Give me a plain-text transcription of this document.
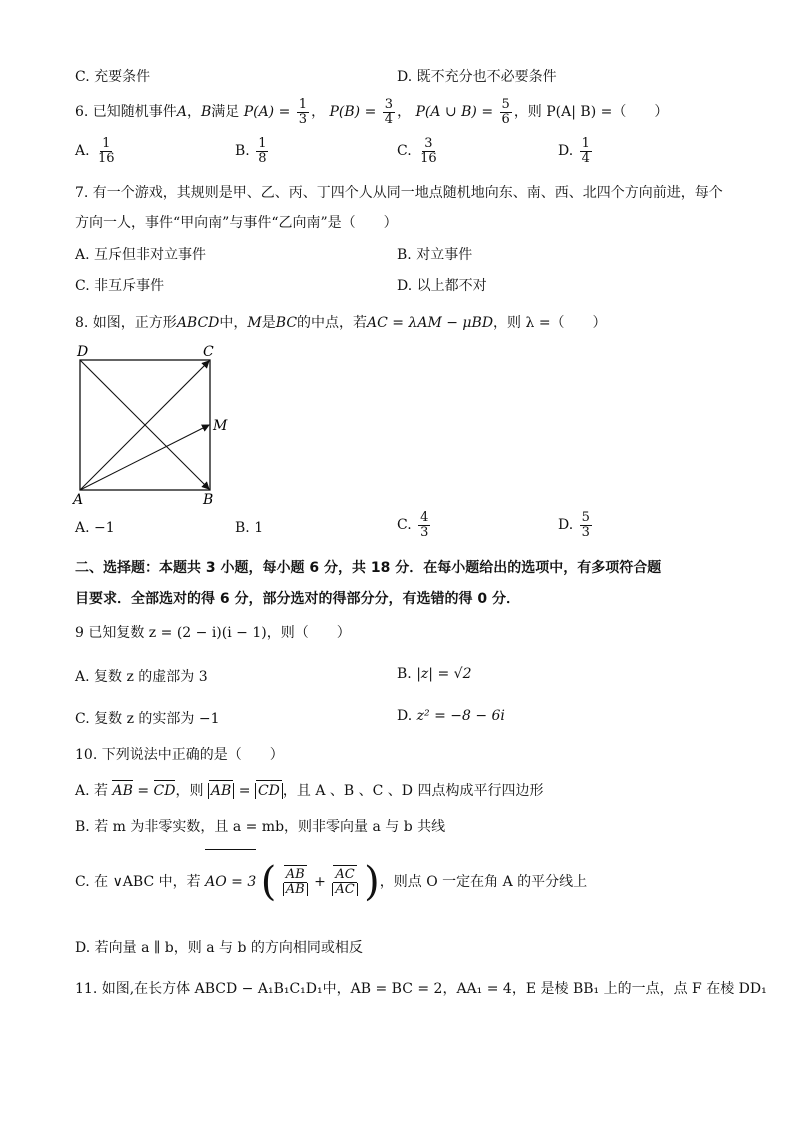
C. 充要条件	D. 既不充分也不必要条件
6. 已知随机事件A，B满足 $P(A) = \frac{1}{3}$ ， $P(B) = \frac{3}{4}$ ， P(A ∪ $B) = \frac{5}{6}$ ，则 P(A| B) =（　　）
A. $\frac{1}{16}$	B. $\frac{1}{8}$	C. $\frac{3}{16}$	D. $\frac{1}{4}$
7. 有一个游戏，其规则是甲、乙、丙、丁四个人从同一地点随机地向东、南、西、北四个方向前进，每个
方向一人，事件“甲向南”与事件“乙向南”是（　　）
A. 互斥但非对立事件	B. 对立事件
C. 非互斥事件	D. 以上都不对
8. 如图，正方形ABCD中，M是BC的中点，若AC = λAM − μBD，则 λ =（　　）
D	C
M
A	B
A. −1	B. 1	C. $\frac{4}{3}$	D. $\frac{5}{3}$
二、选择题：本题共 3 小题，每小题 6 分，共 18 分．在每小题给出的选项中，有多项符合题
目要求．全部选对的得 6 分，部分选对的得部分分，有选错的得 0 分．
9 已知复数 z = (2 − i)(i − 1)，则（　　）
A. 复数 z 的虚部为 3	B. |z| = √2
C. 复数 z 的实部为 −1	D. z² = −8 − 6i
10. 下列说法中正确的是（　　）
A. 若 AB = CD，则 AB = CD ，且 A 、B 、C 、D 四点构成平行四边形
B. 若 m 为非零实数，且 a = mb，则非零向量 a 与 b 共线
C. 在 ∨ABC 中，若 AO = 3 ( $\frac{AB}{AB} + \frac{AC}{AC}$ )，则点 O 一定在角 A 的平分线上
D. 若向量 a ∥ b，则 a 与 b 的方向相同或相反
11. 如图,在长方体 ABCD − A₁B₁C₁D₁中，AB = BC = 2，AA₁ = 4，E 是棱 BB₁ 上的一点，点 F 在棱 DD₁
